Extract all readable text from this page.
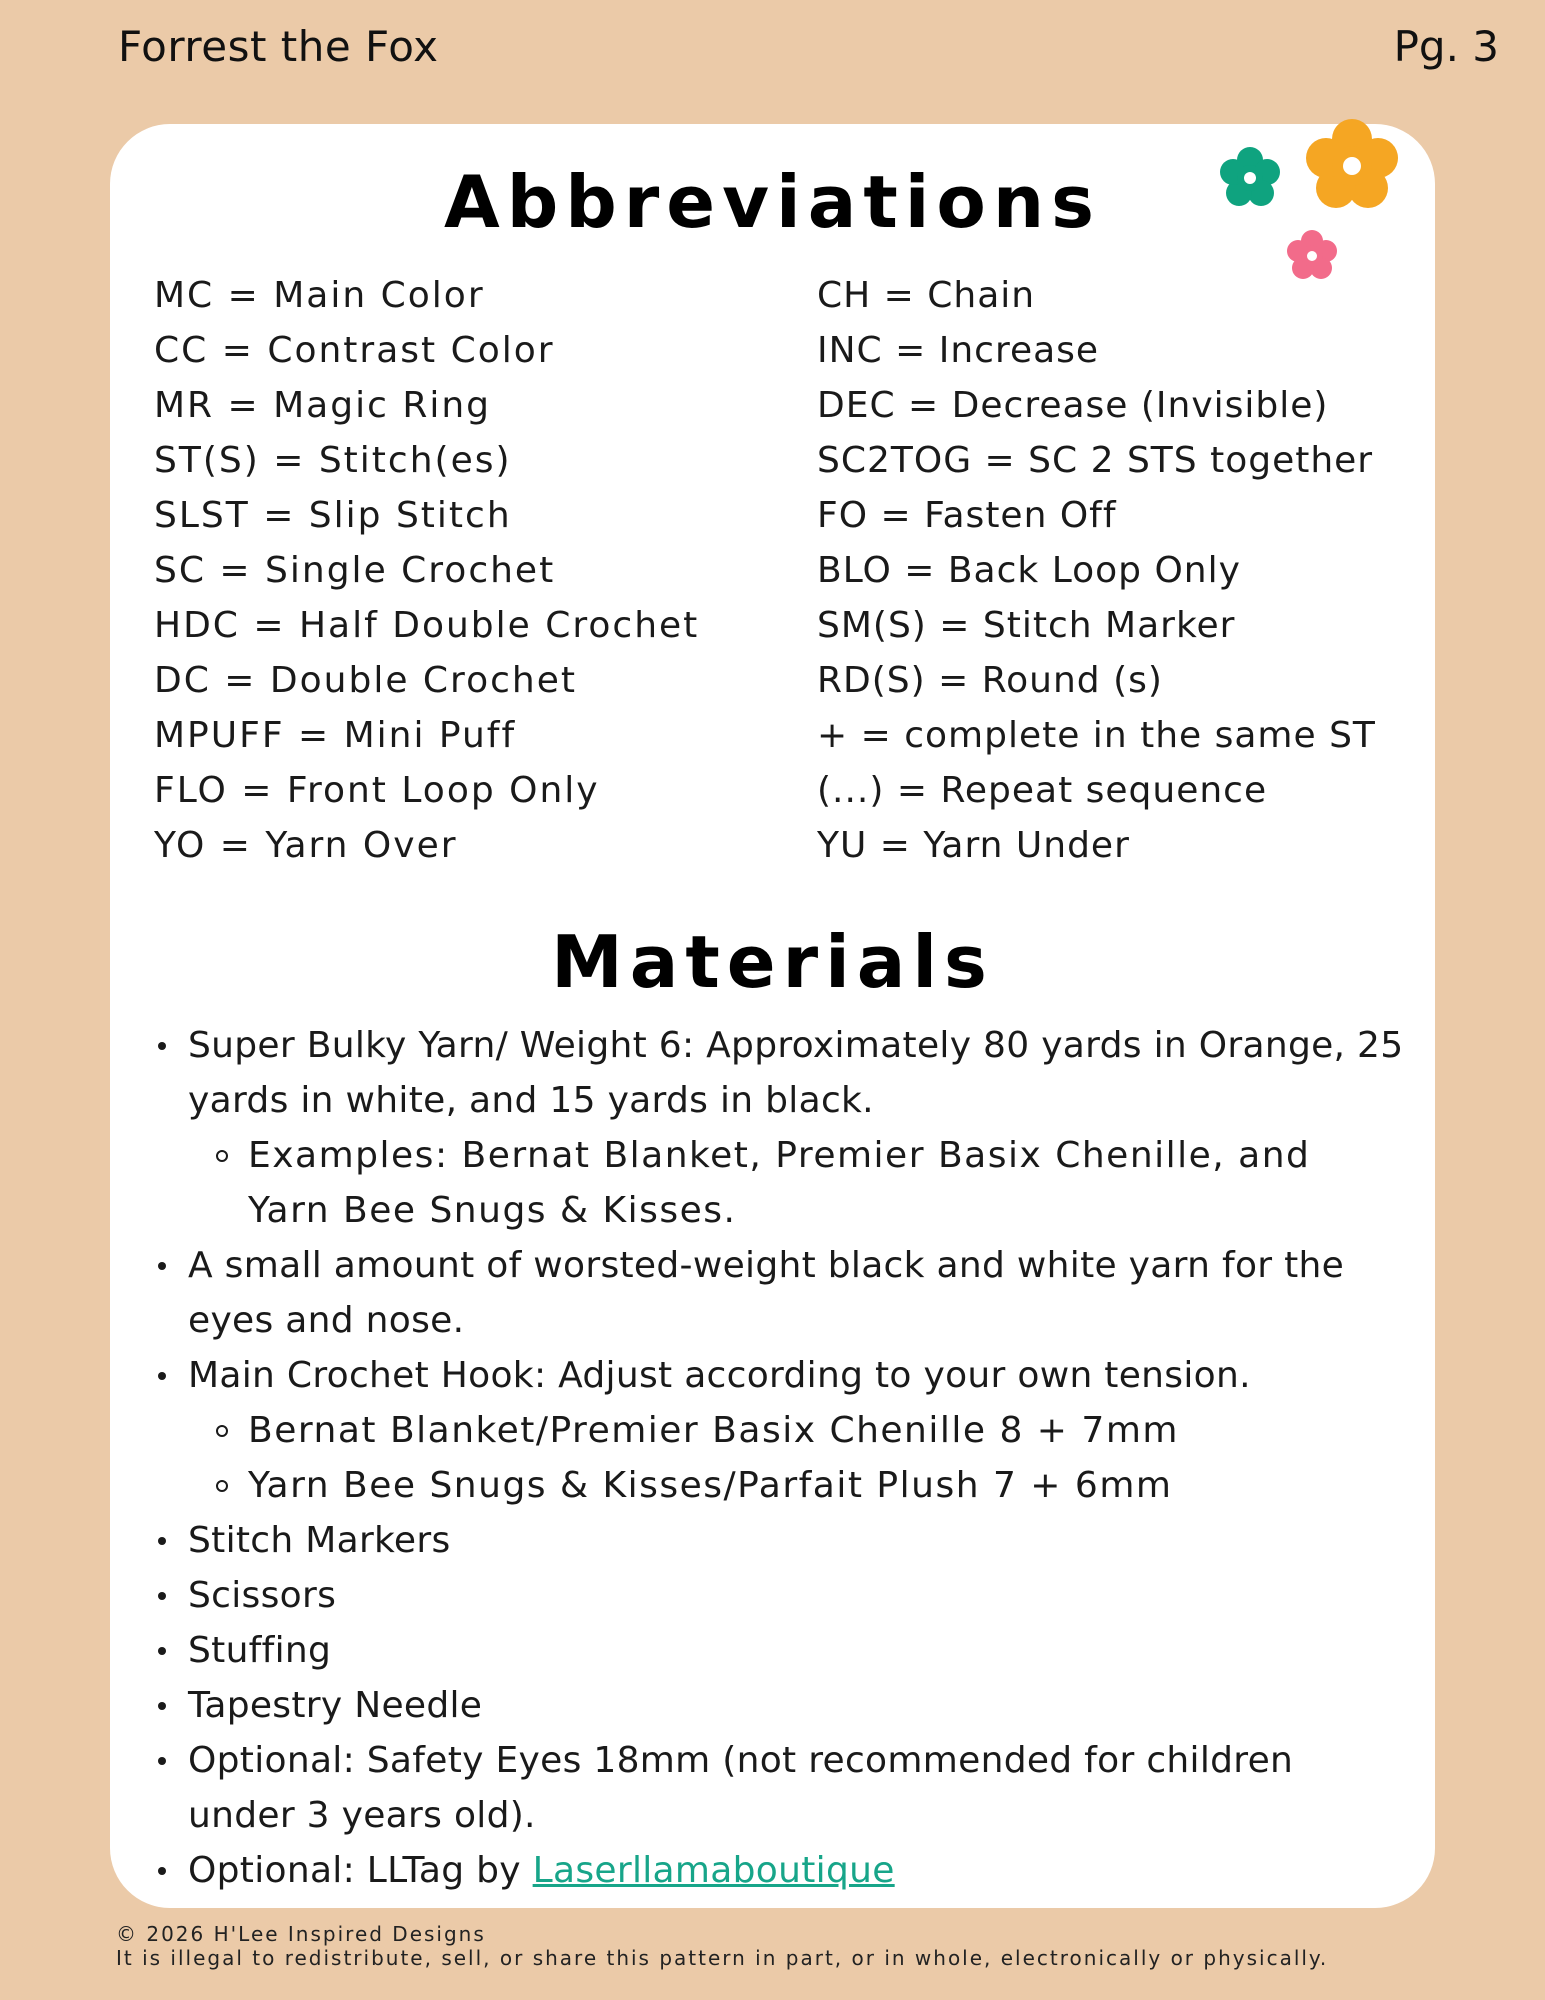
Forrest the Fox	Pg. 3
Abbreviations
MC = Main Color
CC = Contrast Color
MR = Magic Ring
ST(S) = Stitch(es)
SLST = Slip Stitch
SC = Single Crochet
HDC = Half Double Crochet
DC = Double Crochet
MPUFF = Mini Puff
FLO = Front Loop Only
YO = Yarn Over
CH = Chain
INC = Increase
DEC = Decrease (Invisible)
SC2TOG = SC 2 STS together
FO = Fasten Off
BLO = Back Loop Only
SM(S) = Stitch Marker
RD(S) = Round (s)
+ = complete in the same ST
(...) = Repeat sequence
YU = Yarn Under
Materials
Super Bulky Yarn/ Weight 6: Approximately 80 yards in Orange, 25 yards in white, and 15 yards in black.
Examples: Bernat Blanket, Premier Basix Chenille, and Yarn Bee Snugs & Kisses.
A small amount of worsted-weight black and white yarn for the eyes and nose.
Main Crochet Hook: Adjust according to your own tension.
Bernat Blanket/Premier Basix Chenille 8 + 7mm
Yarn Bee Snugs & Kisses/Parfait Plush 7 + 6mm
Stitch Markers
Scissors
Stuffing
Tapestry Needle
Optional: Safety Eyes 18mm (not recommended for children under 3 years old).
Optional: LLTag by Laserllamaboutique
© 2026 H'Lee Inspired Designs
It is illegal to redistribute, sell, or share this pattern in part, or in whole, electronically or physically.
